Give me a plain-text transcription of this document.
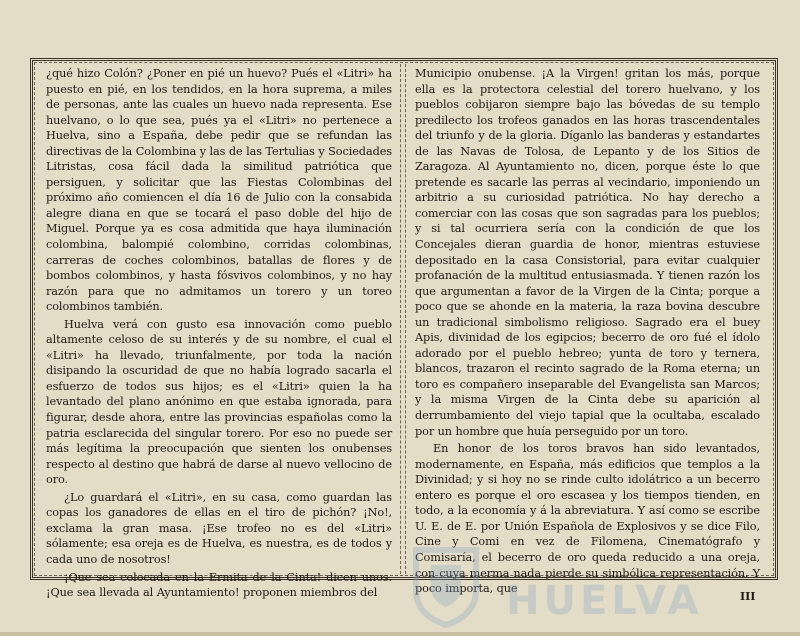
¿qué hizo Colón? ¿Poner en pié un huevo? Pués el «Litri» ha puesto en pié, en los tendidos, en la hora suprema, a miles de personas, ante las cuales un huevo nada representa. Ese huelvano, o lo que sea, pués ya el «Litri» no pertenece a Huelva, sino a España, debe pedir que se refundan las directivas de la Colombina y las de las Tertulias y Sociedades Litristas, cosa fácil dada la similitud patriótica que persiguen, y solicitar que las Fiestas Colombinas del próximo año comiencen el día 16 de Julio con la consabida alegre diana en que se tocará el paso doble del hijo de Miguel. Porque ya es cosa admitida que haya iluminación colombina, balompié colombino, corridas colombinas, carreras de coches colombinos, batallas de flores y de bombos colombinos, y hasta fósvivos colombinos, y no hay razón para que no admitamos un torero y un toreo colombinos también.

Huelva verá con gusto esa innovación como pueblo altamente celoso de su interés y de su nombre, el cual el «Litri» ha llevado, triunfalmente, por toda la nación disipando la oscuridad de que no había logrado sacarla el esfuerzo de todos sus hijos; es el «Litri» quien la ha levantado del plano anónimo en que estaba ignorada, para figurar, desde ahora, entre las provincias españolas como la patria esclarecida del singular torero. Por eso no puede ser más legítima la preocupación que sienten los onubenses respecto al destino que habrá de darse al nuevo vellocino de oro.

¿Lo guardará el «Litri», en su casa, como guardan las copas los ganadores de ellas en el tiro de pichón? ¡No!, exclama la gran masa. ¡Ese trofeo no es del «Litri» sólamente; esa oreja es de Huelva, es nuestra, es de todos y cada uno de nosotros!

¡Que sea colocada en la Ermita de la Cinta! dicen unos. ¡Que sea llevada al Ayuntamiento! proponen miembros del

Municipio onubense. ¡A la Virgen! gritan los más, porque ella es la protectora celestial del torero huelvano, y los pueblos cobijaron siempre bajo las bóvedas de su templo predilecto los trofeos ganados en las horas trascendentales del triunfo y de la gloria. Díganlo las banderas y estandartes de las Navas de Tolosa, de Lepanto y de los Sitios de Zaragoza. Al Ayuntamiento no, dicen, porque éste lo que pretende es sacarle las perras al vecindario, imponiendo un arbitrio a su curiosidad patriótica. No hay derecho a comerciar con las cosas que son sagradas para los pueblos; y si tal ocurriera sería con la condición de que los Concejales dieran guardia de honor, mientras estuviese depositado en la casa Consistorial, para evitar cualquier profanación de la multitud entusiasmada. Y tienen razón los que argumentan a favor de la Virgen de la Cinta; porque a poco que se ahonde en la materia, la raza bovina descubre un tradicional simbolismo religioso. Sagrado era el buey Apis, divinidad de los egipcios; becerro de oro fué el ídolo adorado por el pueblo hebreo; yunta de toro y ternera, blancos, trazaron el recinto sagrado de la Roma eterna; un toro es compañero inseparable del Evangelista san Marcos; y la misma Virgen de la Cinta debe su aparición al derrumbamiento del viejo tapial que la ocultaba, escalado por un hombre que huía perseguido por un toro.

En honor de los toros bravos han sido levantados, modernamente, en España, más edificios que templos a la Divinidad; y si hoy no se rinde culto idolátrico a un becerro entero es porque el oro escasea y los tiempos tienden, en todo, a la economía y á la abreviatura. Y así como se escribe U. E. de E. por Unión Española de Explosivos y se dice Filo, Cine y Comi en vez de Filomena, Cinematógrafo y Comisaría, el becerro de oro queda reducido a una oreja, con cuya merma nada pierde su simbólica representación. Y poco importa, que

HUELVA	III
